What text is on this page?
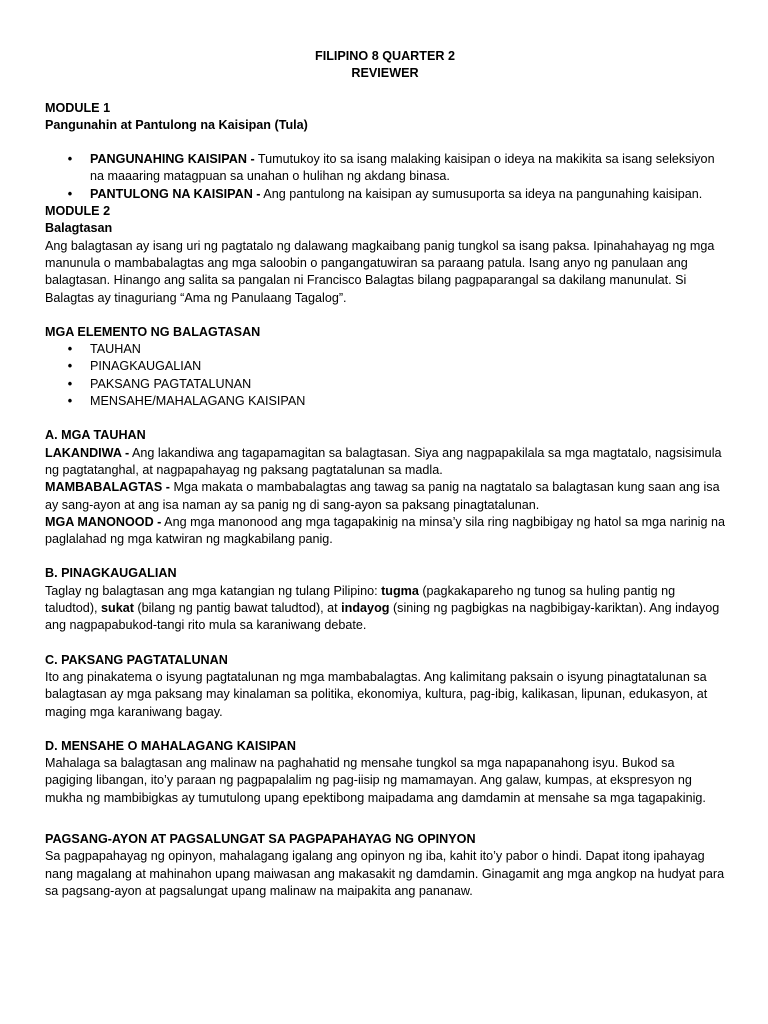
FILIPINO 8 QUARTER 2

REVIEWER

MODULE 1

Pangunahin at Pantulong na Kaisipan (Tula)

• PANGUNAHING KAISIPAN - Tumutukoy ito sa isang malaking kaisipan o ideya na makikita sa isang seleksiyon na maaaring matagpuan sa unahan o hulihan ng akdang binasa.
• PANTULONG NA KAISIPAN - Ang pantulong na kaisipan ay sumusuporta sa ideya na pangunahing kaisipan.

MODULE 2

Balagtasan

Ang balagtasan ay isang uri ng pagtatalo ng dalawang magkaibang panig tungkol sa isang paksa. Ipinahahayag ng mga manunula o mambabalagtas ang mga saloobin o pangangatuwiran sa paraang patula. Isang anyo ng panulaan ang balagtasan. Hinango ang salita sa pangalan ni Francisco Balagtas bilang pagpaparangal sa dakilang manunulat. Si Balagtas ay tinaguriang “Ama ng Panulaang Tagalog”.

MGA ELEMENTO NG BALAGTASAN

• TAUHAN
• PINAGKAUGALIAN
• PAKSANG PAGTATALUNAN
• MENSAHE/MAHALAGANG KAISIPAN

A. MGA TAUHAN

LAKANDIWA - Ang lakandiwa ang tagapamagitan sa balagtasan. Siya ang nagpapakilala sa mga magtatalo, nagsisimula ng pagtatanghal, at nagpapahayag ng paksang pagtatalunan sa madla.

MAMBABALAGTAS - Mga makata o mambabalagtas ang tawag sa panig na nagtatalo sa balagtasan kung saan ang isa ay sang-ayon at ang isa naman ay sa panig ng di sang-ayon sa paksang pinagtatalunan.

MGA MANONOOD - Ang mga manonood ang mga tagapakinig na minsa’y sila ring nagbibigay ng hatol sa mga narinig na paglalahad ng mga katwiran ng magkabilang panig.

B. PINAGKAUGALIAN

Taglay ng balagtasan ang mga katangian ng tulang Pilipino: tugma (pagkakapareho ng tunog sa huling pantig ng taludtod), sukat (bilang ng pantig bawat taludtod), at indayog (sining ng pagbigkas na nagbibigay-kariktan). Ang indayog ang nagpapabukod-tangi rito mula sa karaniwang debate.

C. PAKSANG PAGTATALUNAN

Ito ang pinakatema o isyung pagtatalunan ng mga mambabalagtas. Ang kalimitang paksain o isyung pinagtatalunan sa balagtasan ay mga paksang may kinalaman sa politika, ekonomiya, kultura, pag-ibig, kalikasan, lipunan, edukasyon, at maging mga karaniwang bagay.

D. MENSAHE O MAHALAGANG KAISIPAN

Mahalaga sa balagtasan ang malinaw na paghahatid ng mensahe tungkol sa mga napapanahong isyu. Bukod sa pagiging libangan, ito’y paraan ng pagpapalalim ng pag-iisip ng mamamayan. Ang galaw, kumpas, at ekspresyon ng mukha ng mambibigkas ay tumutulong upang epektibong maipadama ang damdamin at mensahe sa mga tagapakinig.

PAGSANG-AYON AT PAGSALUNGAT SA PAGPAPAHAYAG NG OPINYON

Sa pagpapahayag ng opinyon, mahalagang igalang ang opinyon ng iba, kahit ito’y pabor o hindi. Dapat itong ipahayag nang magalang at mahinahon upang maiwasan ang makasakit ng damdamin. Ginagamit ang mga angkop na hudyat para sa pagsang-ayon at pagsalungat upang malinaw na maipakita ang pananaw.
